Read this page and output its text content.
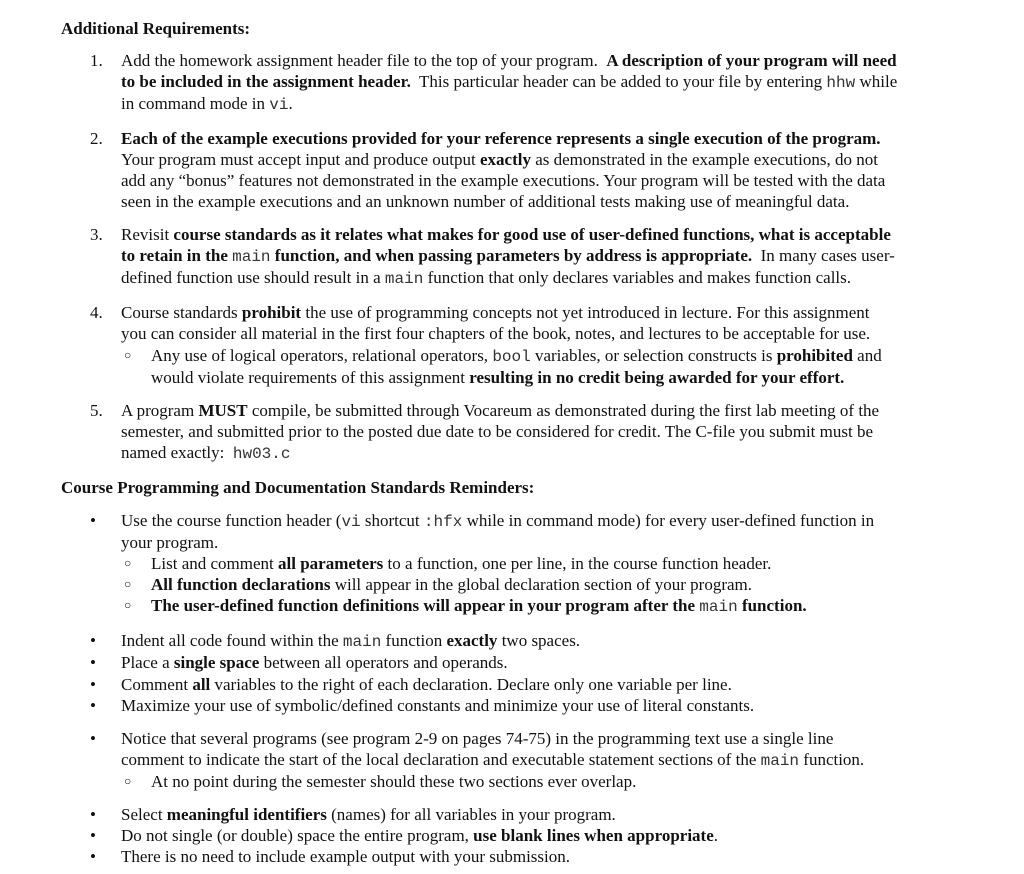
Additional Requirements:
1. Add the homework assignment header file to the top of your program. A description of your program will need
to be included in the assignment header. This particular header can be added to your file by entering hhw while
in command mode in vi.
2. Each of the example executions provided for your reference represents a single execution of the program.
Your program must accept input and produce output exactly as demonstrated in the example executions, do not
add any “bonus” features not demonstrated in the example executions. Your program will be tested with the data
seen in the example executions and an unknown number of additional tests making use of meaningful data.
3. Revisit course standards as it relates what makes for good use of user-defined functions, what is acceptable
to retain in the main function, and when passing parameters by address is appropriate. In many cases user-
defined function use should result in a main function that only declares variables and makes function calls.
4. Course standards prohibit the use of programming concepts not yet introduced in lecture. For this assignment
you can consider all material in the first four chapters of the book, notes, and lectures to be acceptable for use.
○ Any use of logical operators, relational operators, bool variables, or selection constructs is prohibited and
would violate requirements of this assignment resulting in no credit being awarded for your effort.
5. A program MUST compile, be submitted through Vocareum as demonstrated during the first lab meeting of the
semester, and submitted prior to the posted due date to be considered for credit. The C-file you submit must be
named exactly: hw03.c
Course Programming and Documentation Standards Reminders:
• Use the course function header (vi shortcut :hfx while in command mode) for every user-defined function in
your program.
○ List and comment all parameters to a function, one per line, in the course function header.
○ All function declarations will appear in the global declaration section of your program.
○ The user-defined function definitions will appear in your program after the main function.
• Indent all code found within the main function exactly two spaces.
• Place a single space between all operators and operands.
• Comment all variables to the right of each declaration. Declare only one variable per line.
• Maximize your use of symbolic/defined constants and minimize your use of literal constants.
• Notice that several programs (see program 2-9 on pages 74-75) in the programming text use a single line
comment to indicate the start of the local declaration and executable statement sections of the main function.
○ At no point during the semester should these two sections ever overlap.
• Select meaningful identifiers (names) for all variables in your program.
• Do not single (or double) space the entire program, use blank lines when appropriate.
• There is no need to include example output with your submission.
